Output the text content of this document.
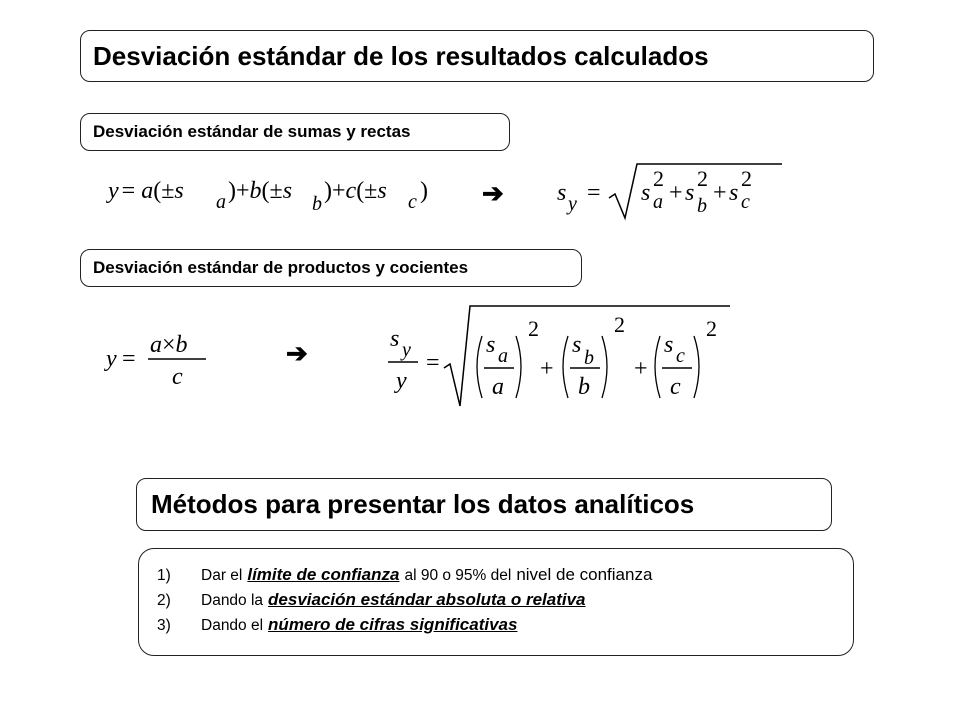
Desviación estándar de los resultados calculados
Desviación estándar de sumas y rectas
y = a(±s a )+b(±s b )+c(±s c ) ➔ s y = s
2
a + s
2
b + s
2
c
Desviación estándar de productos y cocientes
y =
a×b
c
➔	s y
y
=
s a
a
2
+
s b
b
2
+
s c
c
2
Métodos para presentar los datos analíticos
1)	Dar el límite de confianza al 90 o 95% del nivel de confianza
2)	Dando la desviación estándar absoluta o relativa
3)	Dando el número de cifras significativas
